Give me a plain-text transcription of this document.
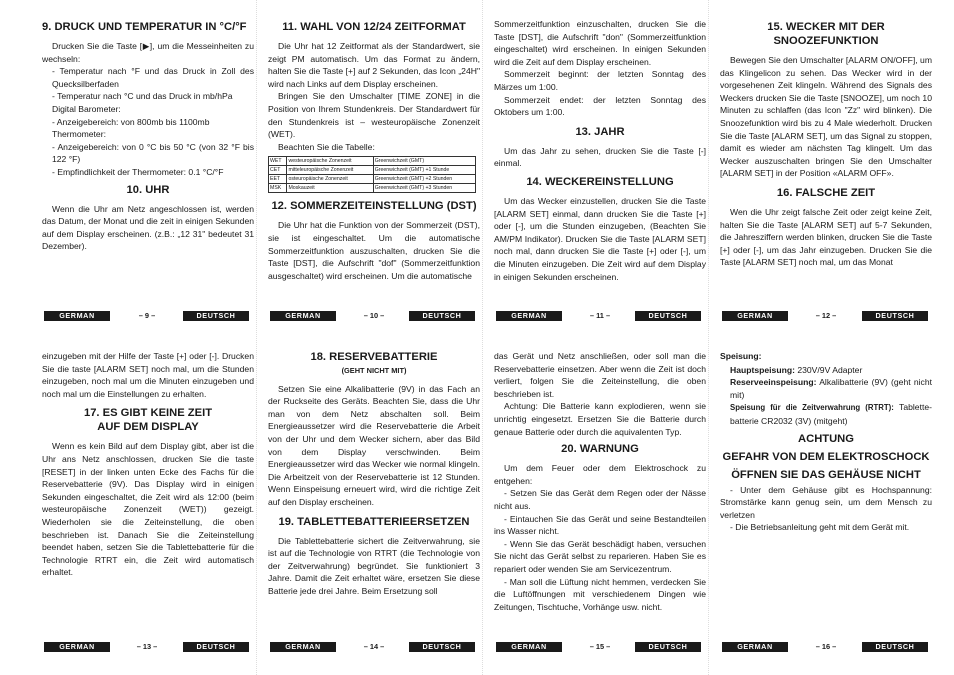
9. DRUCK UND TEMPERATUR IN °C/°F

Drucken Sie die Taste [▶], um die Messeinheiten zu wechseln:

- Temperatur nach °F und das Druck in Zoll des Quecksilberfaden

- Temperatur nach °C und das Druck in mb/hPa

Digital Barometer:

- Anzeigebereich: von 800mb bis 1100mb

Thermometer:

- Anzeigebereich: von 0 °C bis 50 °C (von 32 °F bis 122 °F)

- Empfindlichkeit der Thermometer: 0.1 °C/°F

10. UHR

Wenn die Uhr am Netz angeschlossen ist, werden das Datum, der Monat und die zeit in einigen Sekunden auf dem Display erscheinen. (z.B.: „12 31" bedeutet 31 Dezember).

11. WAHL VON 12/24 ZEITFORMAT

Die Uhr hat 12 Zeitformat als der Standardwert, sie zeigt PM automatisch. Um das Format zu ändern, halten Sie die Taste [+] auf 2 Sekunden, das Icon „24H" wird nach Links auf dem Display erscheinen.

Bringen Sie den Umschalter [TIME ZONE] in die Position von Ihrem Stundenkreis. Der Standardwert für den Stundenkreis ist – westeuropäische Zonenzeit (WET).

Beachten Sie die Tabelle:

WET	westeuropäische Zonenzeit	Greenwichzeit (GMT)
CET	mitteleuropäische Zonenzeit	Greenwichzeit (GMT) +1 Stunde
EET	osteuropäische Zonenzeit	Greenwichzeit (GMT) +2 Stunden
MSK	Moskauzeit	Greenwichzeit (GMT) +3 Stunden
12. SOMMERZEITEINSTELLUNG (DST)

Die Uhr hat die Funktion von der Sommerzeit (DST), sie ist eingeschaltet. Um die automatische Sommerzeitfunktion auszuschalten, drucken Sie die Taste [DST], die Aufschrift "dof" (Sommerzeitfunktion ausgeschaltet) wird erscheinen. Um die automatische

Sommerzeitfunktion einzuschalten, drucken Sie die Taste [DST], die Aufschrift "don" (Sommerzeitfunktion eingeschaltet) wird erscheinen. In einigen Sekunden wird die Zeit auf dem Display erscheinen.

Sommerzeit beginnt: der letzten Sonntag des Märzes um 1:00.

Sommerzeit endet: der letzten Sonntag des Oktobers um 1:00.

13. JAHR

Um das Jahr zu sehen, drucken Sie die Taste [-] einmal.

14. WECKEREINSTELLUNG

Um das Wecker einzustellen, drucken Sie die Taste [ALARM SET] einmal, dann drucken Sie die Taste [+] oder [-], um die Stunden einzugeben, (Beachten Sie AM/PM Indikator). Drucken Sie die Taste [ALARM SET] noch mal, dann drucken Sie die Taste [+] oder [-], um die Minuten einzugeben. Die Zeit wird auf dem Display in einigen Sekunden erscheinen.

15. WECKER MIT DER SNOOZEFUNKTION

Bewegen Sie den Umschalter [ALARM ON/OFF], um das Klingelicon zu sehen. Das Wecker wird in der vorgesehenen Zeit klingeln. Während des Signals des Weckers drucken Sie die Taste [SNOOZE], um noch 10 Minuten zu schlaffen (das Icon "Zz" wird blinken). Die Snoozefunktion wird bis zu 4 Male wiederholt. Drucken Sie die Taste [ALARM SET], um das Signal zu stoppen, damit es wieder am nächsten Tag klingelt. Um das Wecker auszuschalten bringen Sie den Umschalter [ALARM SET] in der Position «ALARM OFF».

16. FALSCHE ZEIT

Wen die Uhr zeigt falsche Zeit oder zeigt keine Zeit, halten Sie die Taste [ALARM SET] auf 5-7 Sekunden, die Jahresziffern werden blinken, drucken Sie die Taste [+] oder [-], um das Jahr einzugeben. Drucken Sie die Taste [ALARM SET] noch mal, um das Monat

einzugeben mit der Hilfe der Taste [+] oder [-]. Drucken Sie die taste [ALARM SET] noch mal, um die Stunden einzugeben, noch mal um die Minuten einzugeben und noch mal um die Einstellungen zu erhalten.

17. ES GIBT KEINE ZEIT AUF DEM DISPLAY

Wenn es kein Bild auf dem Display gibt, aber ist die Uhr ans Netz anschlossen, drucken Sie die taste [RESET] in der linken unten Ecke des Fachs für die Reservebatterie (9V). Das Display wird in einigen Sekunden eingeschaltet, die Zeit wird als 12:00 (beim westeuropäische Zonenzeit (WET)) gezeigt. Wiederholen sie die Zeiteinstellung, die oben beschrieben ist. Danach Sie die Zeiteinstellung beendet haben, setzen Sie die Tablettebatterie für die Technologie RTRT ein, die Zeit wird automatisch erhaltet.

18. RESERVEBATTERIE
(GEHT NICHT MIT)

Setzen Sie eine Alkalibatterie (9V) in das Fach an der Ruckseite des Geräts. Beachten Sie, dass die Uhr man von dem Netz abschalten soll. Beim Energieaussetzer wird die Reservebatterie die Arbeit von der Uhr und dem Wecker sichern, aber das Bild von dem Display verschwinden. Beim Energieaussetzer wird das Wecker wie normal klingeln. Die Arbeitzeit von der Reservebatterie ist 12 Stunden. Wenn Einspeisung erneuert wird, wird die richtige Zeit auf den Display erscheinen.

19. TABLETTEBATTERIEERSETZEN

Die Tablettebatterie sichert die Zeitverwahrung, sie ist auf die Technologie von RTRT (die Technologie von der Zeitverwahrung) begründet. Sie funktioniert 3 Jahre. Damit die Zeit erhaltet wäre, ersetzen Sie diese Batterie jede drei Jahre. Beim Ersetzung soll

das Gerät und Netz anschließen, oder soll man die Reservebatterie einsetzen. Aber wenn die Zeit ist doch verliert, folgen Sie die Zeiteinstellung, die oben beschrieben ist.

Achtung: Die Batterie kann explodieren, wenn sie unrichtig eingesetzt. Ersetzen Sie die Batterie durch genaue Batterie oder durch die aquivalenten Typ.

20. WARNUNG

Um dem Feuer oder dem Elektroschock zu entgehen:

- Setzen Sie das Gerät dem Regen oder der Nässe nicht aus.

- Eintauchen Sie das Gerät und seine Bestandteilen ins Wasser nicht.

- Wenn Sie das Gerät beschädigt haben, versuchen Sie nicht das Gerät selbst zu reparieren. Haben Sie es repariert oder wenden Sie am Servicezentrum.

- Man soll die Lüftung nicht hemmen, verdecken Sie die Luftöffnungen mit verschiedenem Dingen wie Zeitungen, Tischtuche, Vorhänge usw. nicht.

Speisung:

Hauptspeisung: 230V/9V Adapter

Reserveeinspeisung: Alkalibatterie (9V) (geht nicht mit)

Speisung für die Zeitverwahrung (RTRT): Tablette-batterie CR2032 (3V) (mitgeht)

ACHTUNG
GEFAHR VON DEM ELEKTROSCHOCK
ÖFFNEN SIE DAS GEHÄUSE NICHT

- Unter dem Gehäuse gibt es Hochspannung: Stromstärke kann genug sein, um dem Mensch zu verletzen

- Die Betriebsanleitung geht mit dem Gerät mit.

GERMAN	– 9 –	DEUTSCH	GERMAN	– 10 –	DEUTSCH	GERMAN	– 11 –	DEUTSCH	GERMAN	– 12 –	DEUTSCH
GERMAN	– 13 –	DEUTSCH	GERMAN	– 14 –	DEUTSCH	GERMAN	– 15 –	DEUTSCH	GERMAN	– 16 –	DEUTSCH
